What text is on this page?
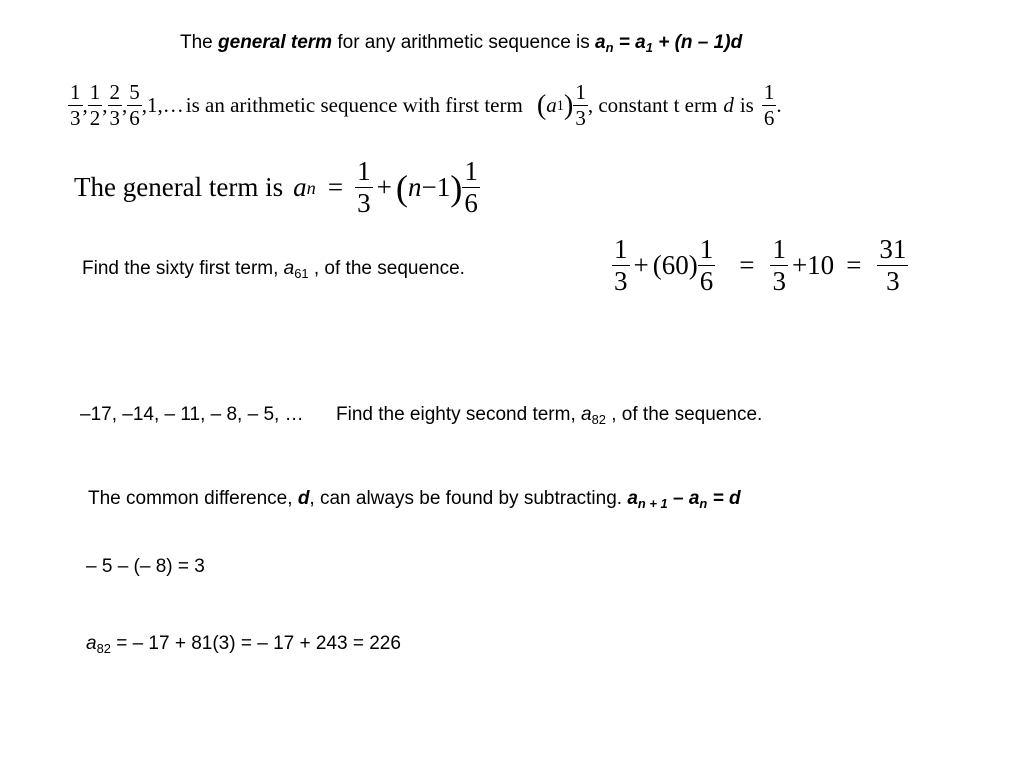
The general term for any arithmetic sequence is $a_n = a_1 + (n - 1)d$
$\frac{1}{3}$ , $\frac{1}{2}$ , $\frac{2}{3}$ , $\frac{5}{6}$ ,1,… is an arithmetic sequence with first term ( a 1 ) $\frac{1}{3}$ , constant t erm d is $\frac{1}{6}$ .
The general term is a $n = \frac{1}{3}$ + ( n − 1 ) $\frac{1}{6}$
Find the sixty first term, $a_{61}$ , of the sequence.	$\frac{1}{3} + (60) \frac{1}{6} = \frac{1}{3} +10 = \frac{31}{3}$
–17, –14, – 11, – 8, – 5, … Find the eighty second term, $a_{82}$ , of the sequence.
The common difference, d, can always be found by subtracting. $a_{n + 1} - a_n = d$
– 5 – (– 8) = 3
$a_{82}$ = – 17 + 81(3) = – 17 + 243 = 226
